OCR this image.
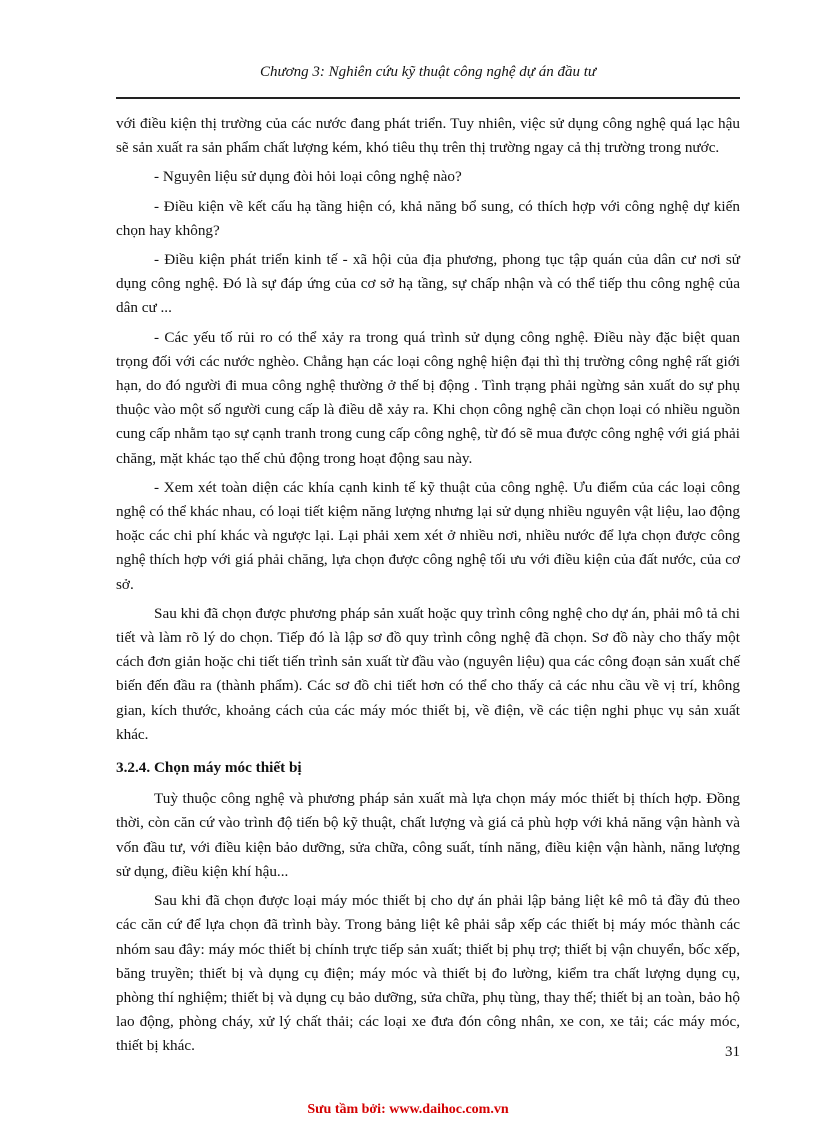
Chương 3: Nghiên cứu kỹ thuật công nghệ dự án đầu tư

với điều kiện thị trường của các nước đang phát triển. Tuy nhiên, việc sử dụng công nghệ quá lạc hậu sẽ sản xuất ra sản phẩm chất lượng kém, khó tiêu thụ trên thị trường ngay cả thị trường trong nước.

- Nguyên liệu sử dụng đòi hỏi loại công nghệ nào?

- Điều kiện về kết cấu hạ tầng hiện có, khả năng bổ sung, có thích hợp với công nghệ dự kiến chọn hay không?

- Điều kiện phát triển kinh tế - xã hội của địa phương, phong tục tập quán của dân cư nơi sử dụng công nghệ. Đó là sự đáp ứng của cơ sở hạ tầng, sự chấp nhận và có thể tiếp thu công nghệ của dân cư ...

- Các yếu tố rủi ro có thể xảy ra trong quá trình sử dụng công nghệ. Điều này đặc biệt quan trọng đối với các nước nghèo. Chẳng hạn các loại công nghệ hiện đại thì thị trường công nghệ rất giới hạn, do đó người đi mua công nghệ thường ở thế bị động . Tình trạng phải ngừng sản xuất do sự phụ thuộc vào một số người cung cấp là điều dễ xảy ra. Khi chọn công nghệ cần chọn loại có nhiều nguồn cung cấp nhằm tạo sự cạnh tranh trong cung cấp công nghệ, từ đó sẽ mua được công nghệ với giá phải chăng, mặt khác tạo thế chủ động trong hoạt động sau này.

- Xem xét toàn diện các khía cạnh kinh tế kỹ thuật của công nghệ. Ưu điểm của các loại công nghệ có thể khác nhau, có loại tiết kiệm năng lượng nhưng lại sử dụng nhiều nguyên vật liệu, lao động hoặc các chi phí khác và ngược lại. Lại phải xem xét ở nhiều nơi, nhiều nước để lựa chọn được công nghệ thích hợp với giá phải chăng, lựa chọn được công nghệ tối ưu với điều kiện của đất nước, của cơ sở.

Sau khi đã chọn được phương pháp sản xuất hoặc quy trình công nghệ cho dự án, phải mô tả chi tiết và làm rõ lý do chọn. Tiếp đó là lập sơ đồ quy trình công nghệ đã chọn. Sơ đồ này cho thấy một cách đơn giản hoặc chi tiết tiến trình sản xuất từ đầu vào (nguyên liệu) qua các công đoạn sản xuất chế biến đến đầu ra (thành phẩm). Các sơ đồ chi tiết hơn có thể cho thấy cả các nhu cầu về vị trí, không gian, kích thước, khoảng cách của các máy móc thiết bị, về điện, về các tiện nghi phục vụ sản xuất khác.

3.2.4. Chọn máy móc thiết bị

Tuỳ thuộc công nghệ và phương pháp sản xuất mà lựa chọn máy móc thiết bị thích hợp. Đồng thời, còn căn cứ vào trình độ tiến bộ kỹ thuật, chất lượng và giá cả phù hợp với khả năng vận hành và vốn đầu tư, với điều kiện bảo dưỡng, sửa chữa, công suất, tính năng, điều kiện vận hành, năng lượng sử dụng, điều kiện khí hậu...

Sau khi đã chọn được loại máy móc thiết bị cho dự án phải lập bảng liệt kê mô tả đầy đủ theo các căn cứ để lựa chọn đã trình bày. Trong bảng liệt kê phải sắp xếp các thiết bị máy móc thành các nhóm sau đây: máy móc thiết bị chính trực tiếp sản xuất; thiết bị phụ trợ; thiết bị vận chuyển, bốc xếp, băng truyền; thiết bị và dụng cụ điện; máy móc và thiết bị đo lường, kiểm tra chất lượng dụng cụ, phòng thí nghiệm; thiết bị và dụng cụ bảo dưỡng, sửa chữa, phụ tùng, thay thế; thiết bị an toàn, bảo hộ lao động, phòng cháy, xử lý chất thải; các loại xe đưa đón công nhân, xe con, xe tải; các máy móc, thiết bị khác.	31
Sưu tầm bởi: www.daihoc.com.vn
